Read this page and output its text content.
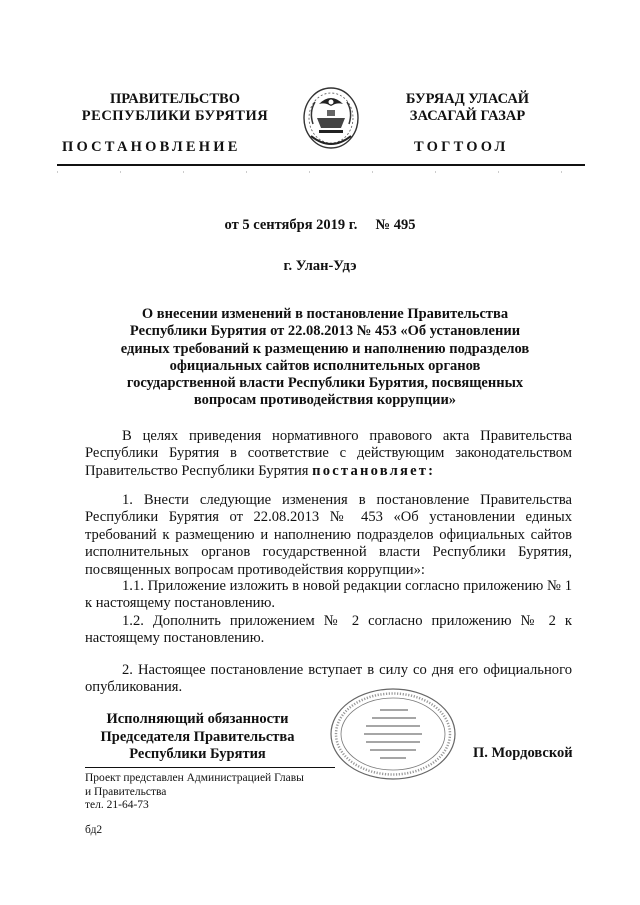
ПРАВИТЕЛЬСТВО
РЕСПУБЛИКИ БУРЯТИЯ
БУРЯАД УЛАСАЙ
ЗАСАГАЙ ГАЗАР
ПОСТАНОВЛЕНИЕ	ТОГТООЛ
от 5 сентября 2019 г.     № 495
г. Улан-Удэ
О внесении изменений в постановление Правительства
Республики Бурятия от 22.08.2013 № 453 «Об установлении
единых требований к размещению и наполнению подразделов
официальных сайтов исполнительных органов
государственной власти Республики Бурятия, посвященных
вопросам противодействия коррупции»

В целях приведения нормативного правового акта Правительства Республики Бурятия в соответствие с действующим законодательством Правительство Республики Бурятия постановляет:

1. Внести следующие изменения в постановление Правительства Республики Бурятия от 22.08.2013 № 453 «Об установлении единых требований к размещению и наполнению подразделов официальных сайтов исполнительных органов государственной власти Республики Бурятия, посвященных вопросам противодействия коррупции»:

1.1. Приложение изложить в новой редакции согласно приложению № 1 к настоящему постановлению.

1.2. Дополнить приложением № 2 согласно приложению № 2 к настоящему постановлению.

2. Настоящее постановление вступает в силу со дня его официального опубликования.

Исполняющий обязанности
Председателя Правительства
Республики Бурятия	П. Мордовской
Проект представлен Администрацией Главы
и Правительства
тел. 21-64-73
бд2
